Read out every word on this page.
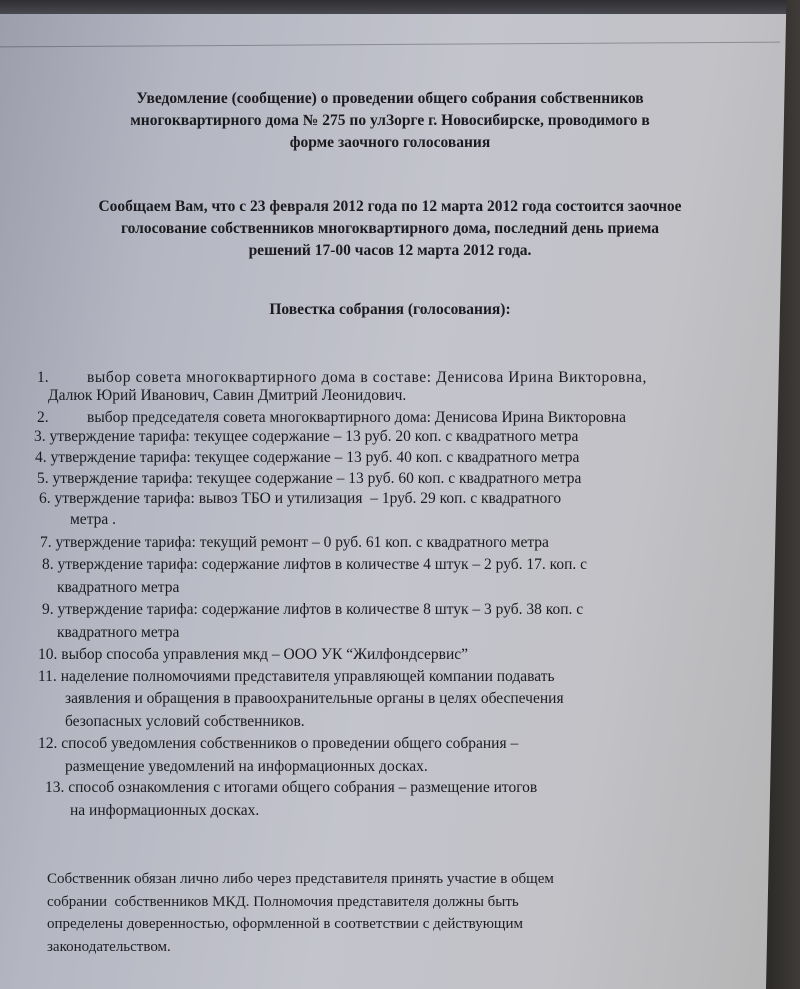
Уведомление (сообщение) о проведении общего собрания собственников
многоквартирного дома № 275 по улЗорге г. Новосибирске, проводимого в
форме заочного голосования
Сообщаем Вам, что с 23 февраля 2012 года по 12 марта 2012 года состоится заочное
голосование собственников многоквартирного дома, последний день приема
решений 17-00 часов 12 марта 2012 года.
Повестка собрания (голосования):
1. выбор совета многоквартирного дома в составе: Денисова Ирина Викторовна,
Далюк Юрий Иванович, Савин Дмитрий Леонидович.
2. выбор председателя совета многоквартирного дома: Денисова Ирина Викторовна
3. утверждение тарифа: текущее содержание – 13 руб. 20 коп. с квадратного метра
4. утверждение тарифа: текущее содержание – 13 руб. 40 коп. с квадратного метра
5. утверждение тарифа: текущее содержание – 13 руб. 60 коп. с квадратного метра
6. утверждение тарифа: вывоз ТБО и утилизация  – 1руб. 29 коп. с квадратного
метра .
7. утверждение тарифа: текущий ремонт – 0 руб. 61 коп. с квадратного метра
8. утверждение тарифа: содержание лифтов в количестве 4 штук – 2 руб. 17. коп. с
квадратного метра
9. утверждение тарифа: содержание лифтов в количестве 8 штук – 3 руб. 38 коп. с
квадратного метра
10. выбор способа управления мкд – ООО УК “Жилфондсервис”
11. наделение полномочиями представителя управляющей компании подавать
заявления и обращения в правоохранительные органы в целях обеспечения
безопасных условий собственников.
12. способ уведомления собственников о проведении общего собрания –
размещение уведомлений на информационных досках.
13. способ ознакомления с итогами общего собрания – размещение итогов
на информационных досках.
Собственник обязан лично либо через представителя принять участие в общем
собрании  собственников МКД. Полномочия представителя должны быть
определены доверенностью, оформленной в соответствии с действующим
законодательством.
